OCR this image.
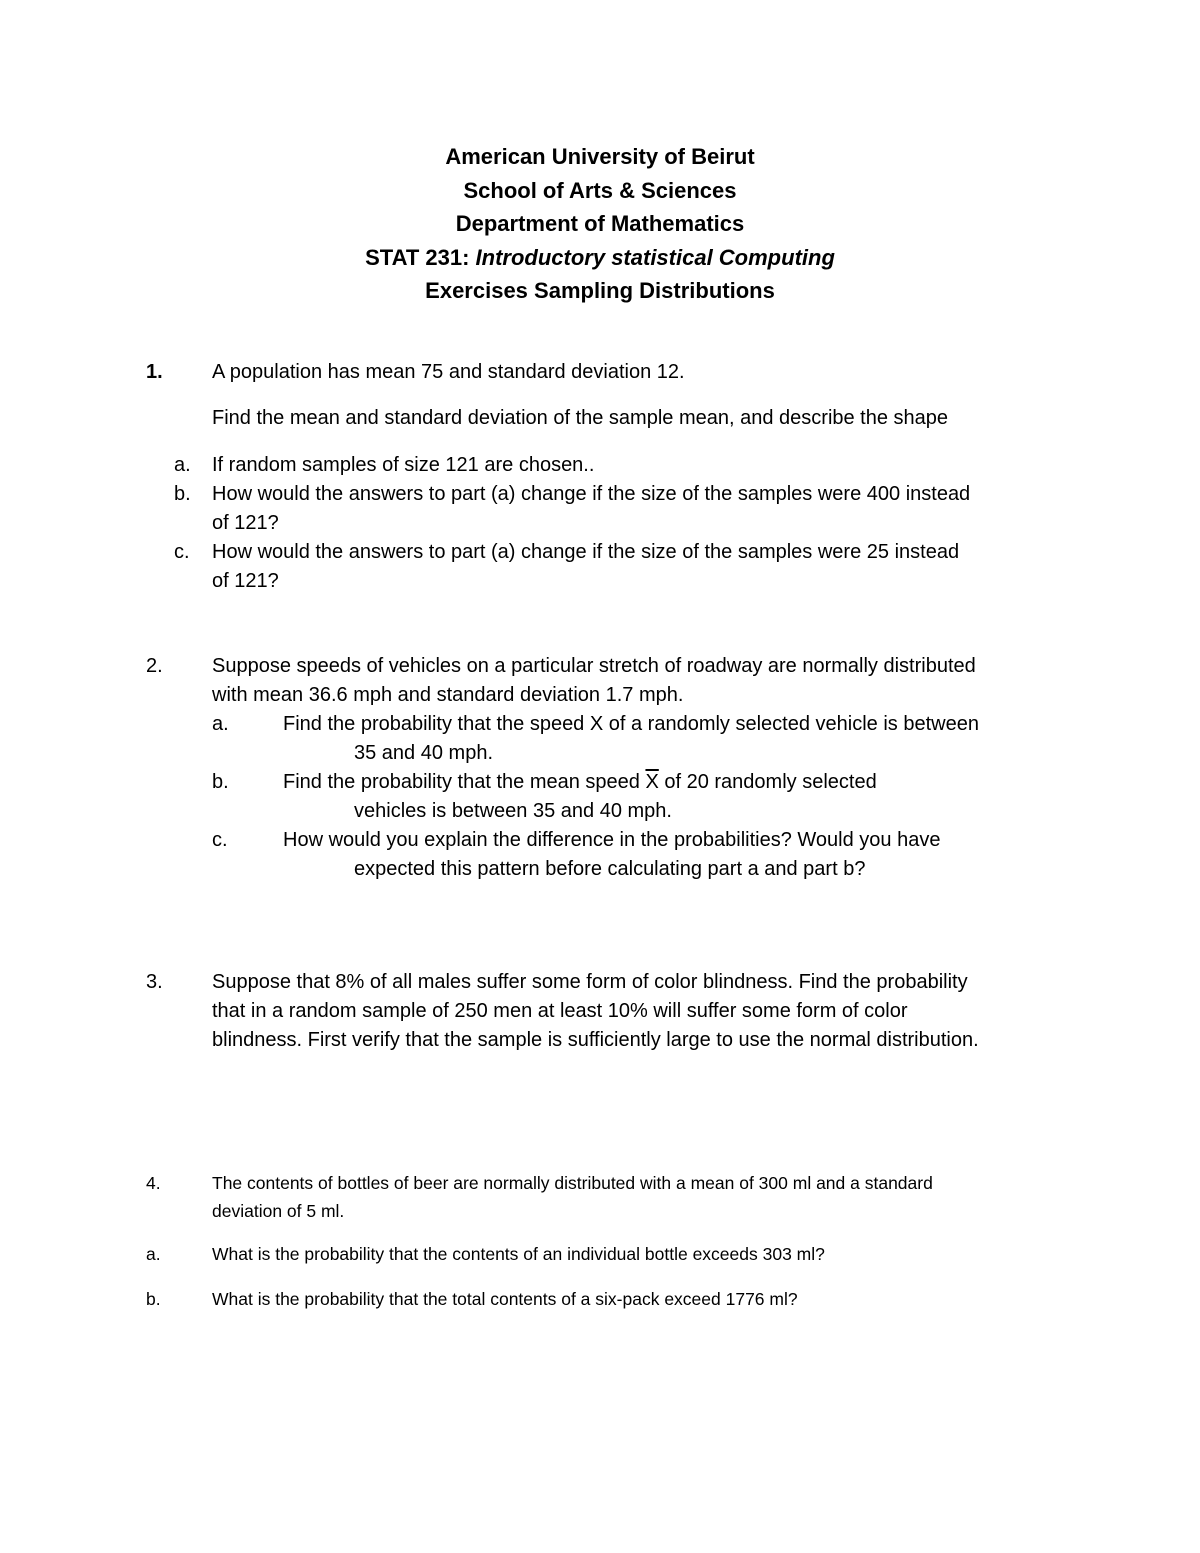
American University of Beirut
School of Arts & Sciences
Department of Mathematics
STAT 231: Introductory statistical Computing
Exercises Sampling Distributions
1. A population has mean 75 and standard deviation 12.
Find the mean and standard deviation of the sample mean, and describe the shape
a. If random samples of size 121 are chosen..
b. How would the answers to part (a) change if the size of the samples were 400 instead
of 121?
c. How would the answers to part (a) change if the size of the samples were 25 instead
of 121?
2. Suppose speeds of vehicles on a particular stretch of roadway are normally distributed
with mean 36.6 mph and standard deviation 1.7 mph.
a.	Find the probability that the speed X of a randomly selected vehicle is between
35 and 40 mph.
b.	Find the probability that the mean speed $\overline{X}$ of 20 randomly selected
vehicles is between 35 and 40 mph.
c.	How would you explain the difference in the probabilities? Would you have
expected this pattern before calculating part a and part b?
3. Suppose that 8% of all males suffer some form of color blindness. Find the probability
that in a random sample of 250 men at least 10% will suffer some form of color
blindness. First verify that the sample is sufficiently large to use the normal distribution.
4.	The contents of bottles of beer are normally distributed with a mean of 300 ml and a standard
deviation of 5 ml.
a.	What is the probability that the contents of an individual bottle exceeds 303 ml?
b.	What is the probability that the total contents of a six-pack exceed 1776 ml?
